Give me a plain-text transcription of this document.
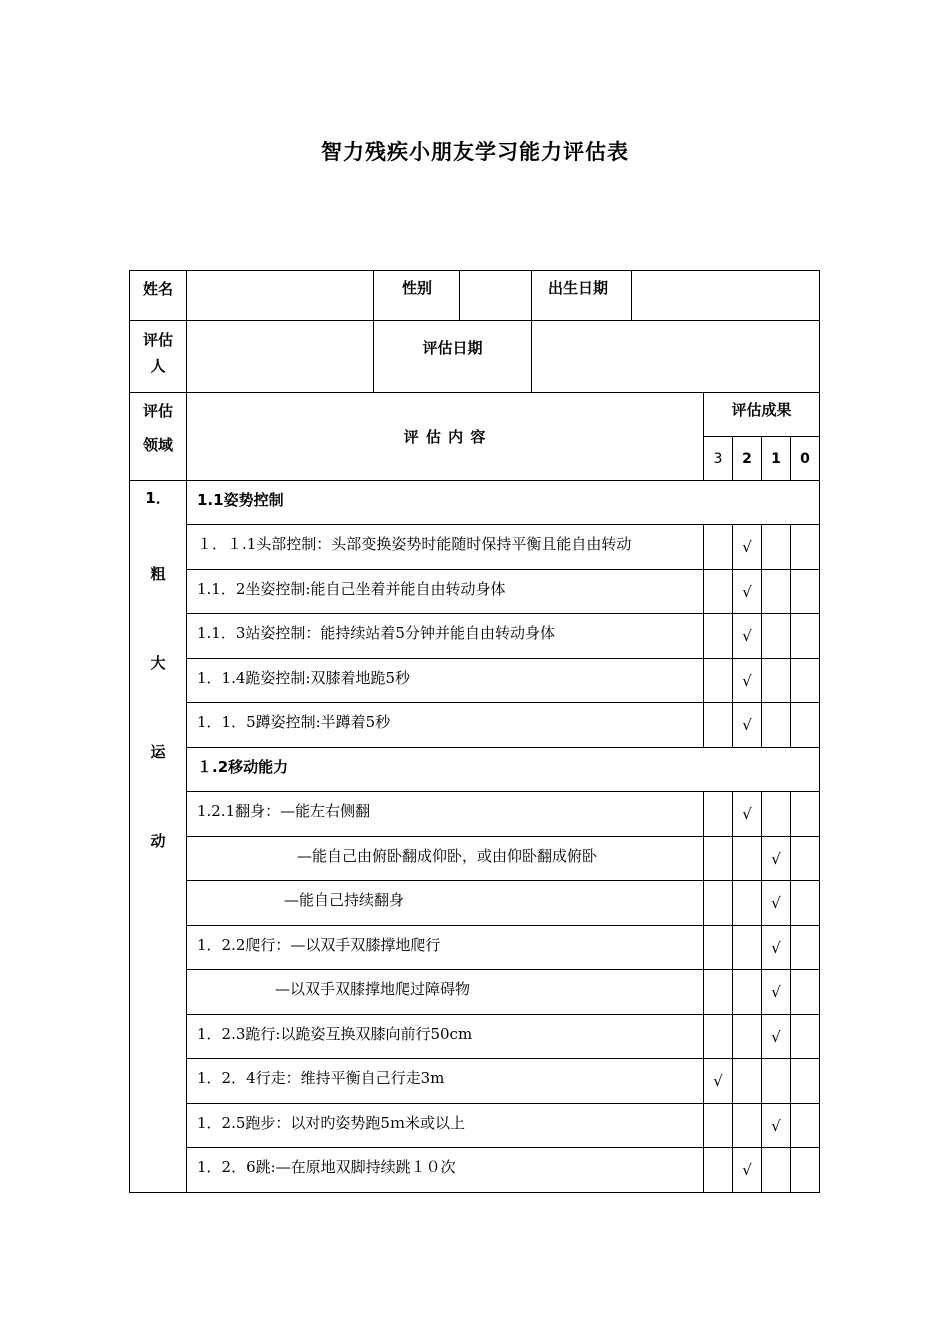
智力残疾小朋友学习能力评估表
姓名		性别		出生日期					

评估
人		评估日期							

评估
领域	评 估 内 容					评估成果			
						3	2	1	0

1．
粗
大
运
动	1.1姿势控制								
	１．１.1头部控制：头部变换姿势时能随时保持平衡且能自由转动						√		
	1.1．2坐姿控制:能自己坐着并能自由转动身体						√		
	1.1．3站姿控制：能持续站着5分钟并能自由转动身体						√		
	1．1.4跪姿控制:双膝着地跪5秒						√		
	1．1．5蹲姿控制:半蹲着5秒						√		
	１.2移动能力								
	1.2.1翻身：—能左右侧翻						√		
	—能自己由俯卧翻成仰卧，或由仰卧翻成俯卧							√	
	—能自己持续翻身							√	
	1．2.2爬行：—以双手双膝撑地爬行							√	
	—以双手双膝撑地爬过障碍物							√	
	1．2.3跪行:以跪姿互换双膝向前行50cm							√	
	1．2．4行走：维持平衡自己行走3m					√			
	1．2.5跑步：以对旳姿势跑5ｍ米或以上							√	
	1．2．6跳:—在原地双脚持续跳１０次						√		
